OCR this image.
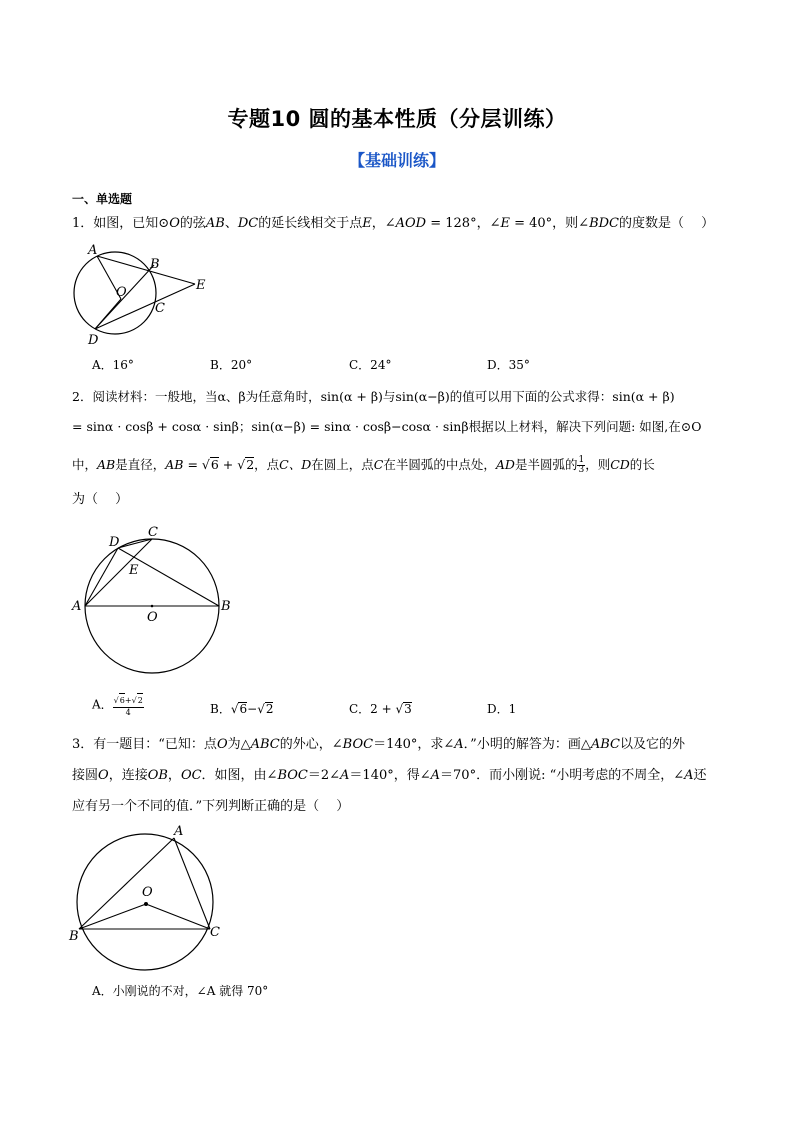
专题10 圆的基本性质（分层训练）
【基础训练】
一、单选题
1．如图，已知⊙O的弦AB、DC的延长线相交于点E，∠AOD = 128°，∠E = 40°，则∠BDC的度数是（　 ）
A
B
O	E
C
D
A．16°	B．20°	C．24°	D．35°
2．阅读材料：一般地，当α、β为任意角时，sin(α + β)与sin(α−β)的值可以用下面的公式求得：sin(α + β)
= sinα · cosβ + cosα · sinβ；sin(α−β) = sinα · cosβ−cosα · sinβ根据以上材料，解决下列问题: 如图,在⊙O
中，AB是直径，AB = √6 + √2，点C、D在圆上，点C在半圆弧的中点处，AD是半圆弧的 $\frac{1}{3}$ ，则CD的长
为（　 ）
D
C
E
A	B
O
A． $\frac{√6+√2}{4}$	B．√6−√2	C．2 + √3	D．1
3．有一题目：“已知：点O为△ABC的外心，∠BOC＝140°，求∠A．”小明的解答为：画△ABC以及它的外
接圆O，连接OB，OC．如图，由∠BOC＝2∠A＝140°，得∠A＝70°．而小刚说: “小明考虑的不周全，∠A还
应有另一个不同的值．”下列判断正确的是（　 ）
A
O
B	C
A．小刚说的不对，∠A 就得 70°
